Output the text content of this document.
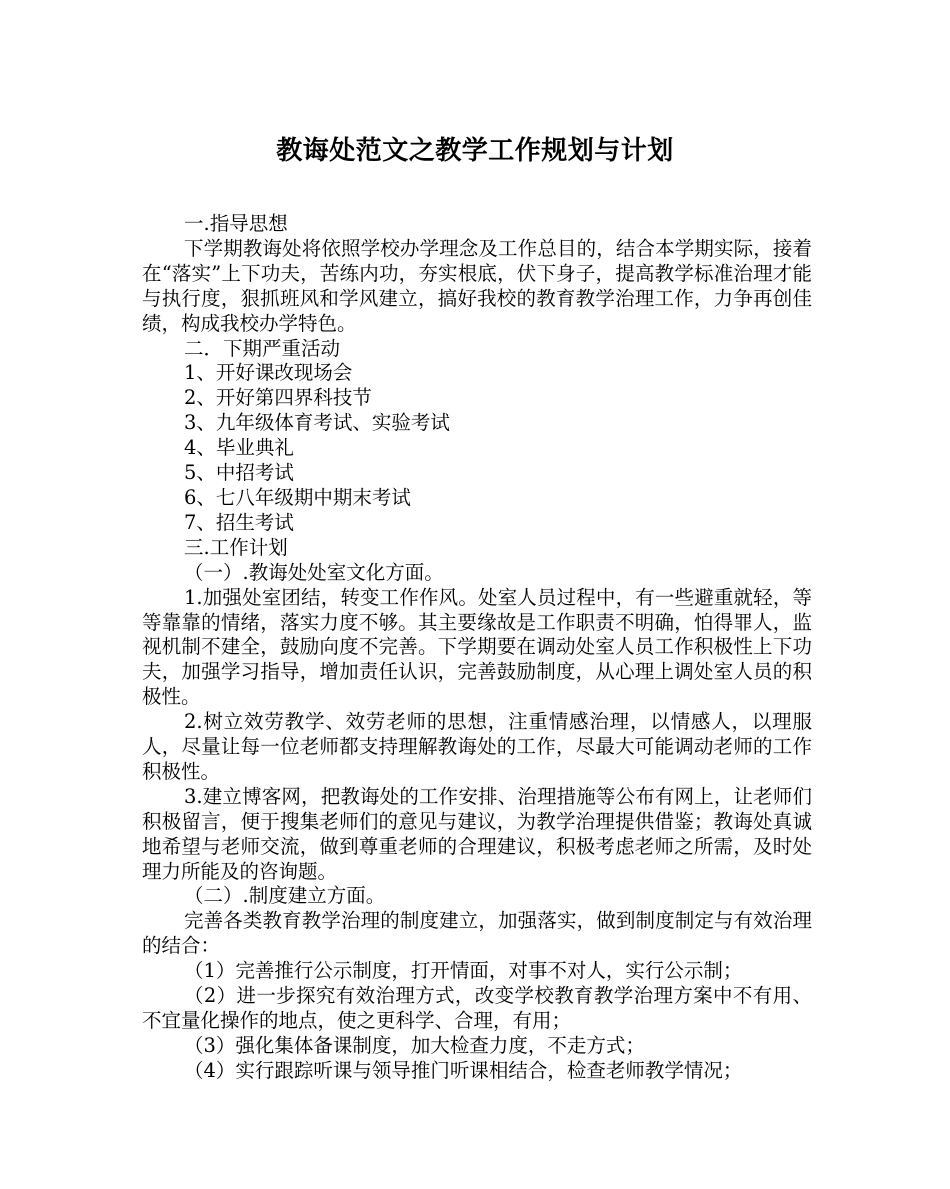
教诲处范文之教学工作规划与计划

一.指导思想

下学期教诲处将依照学校办学理念及工作总目的，结合本学期实际，接着在“落实”上下功夫，苦练内功，夯实根底，伏下身子，提高教学标准治理才能与执行度，狠抓班风和学风建立，搞好我校的教育教学治理工作，力争再创佳绩，构成我校办学特色。

二．下期严重活动

1、开好课改现场会

2、开好第四界科技节

3、九年级体育考试、实验考试

4、毕业典礼

5、中招考试

6、七八年级期中期末考试

7、招生考试

三.工作计划

（一）.教诲处处室文化方面。

1.加强处室团结，转变工作作风。处室人员过程中，有一些避重就轻，等等靠靠的情绪，落实力度不够。其主要缘故是工作职责不明确，怕得罪人，监视机制不建全，鼓励向度不完善。下学期要在调动处室人员工作积极性上下功夫，加强学习指导，增加责任认识，完善鼓励制度，从心理上调处室人员的积极性。

2.树立效劳教学、效劳老师的思想，注重情感治理，以情感人，以理服人，尽量让每一位老师都支持理解教诲处的工作，尽最大可能调动老师的工作积极性。

3.建立博客网，把教诲处的工作安排、治理措施等公布有网上，让老师们积极留言，便于搜集老师们的意见与建议，为教学治理提供借鉴；教诲处真诚地希望与老师交流，做到尊重老师的合理建议，积极考虑老师之所需，及时处理力所能及的咨询题。

（二）.制度建立方面。

完善各类教育教学治理的制度建立，加强落实，做到制度制定与有效治理的结合：

（1）完善推行公示制度，打开情面，对事不对人，实行公示制；

（2）进一步探究有效治理方式，改变学校教育教学治理方案中不有用、不宜量化操作的地点，使之更科学、合理，有用；

（3）强化集体备课制度，加大检查力度，不走方式；

（4）实行跟踪听课与领导推门听课相结合，检查老师教学情况；
